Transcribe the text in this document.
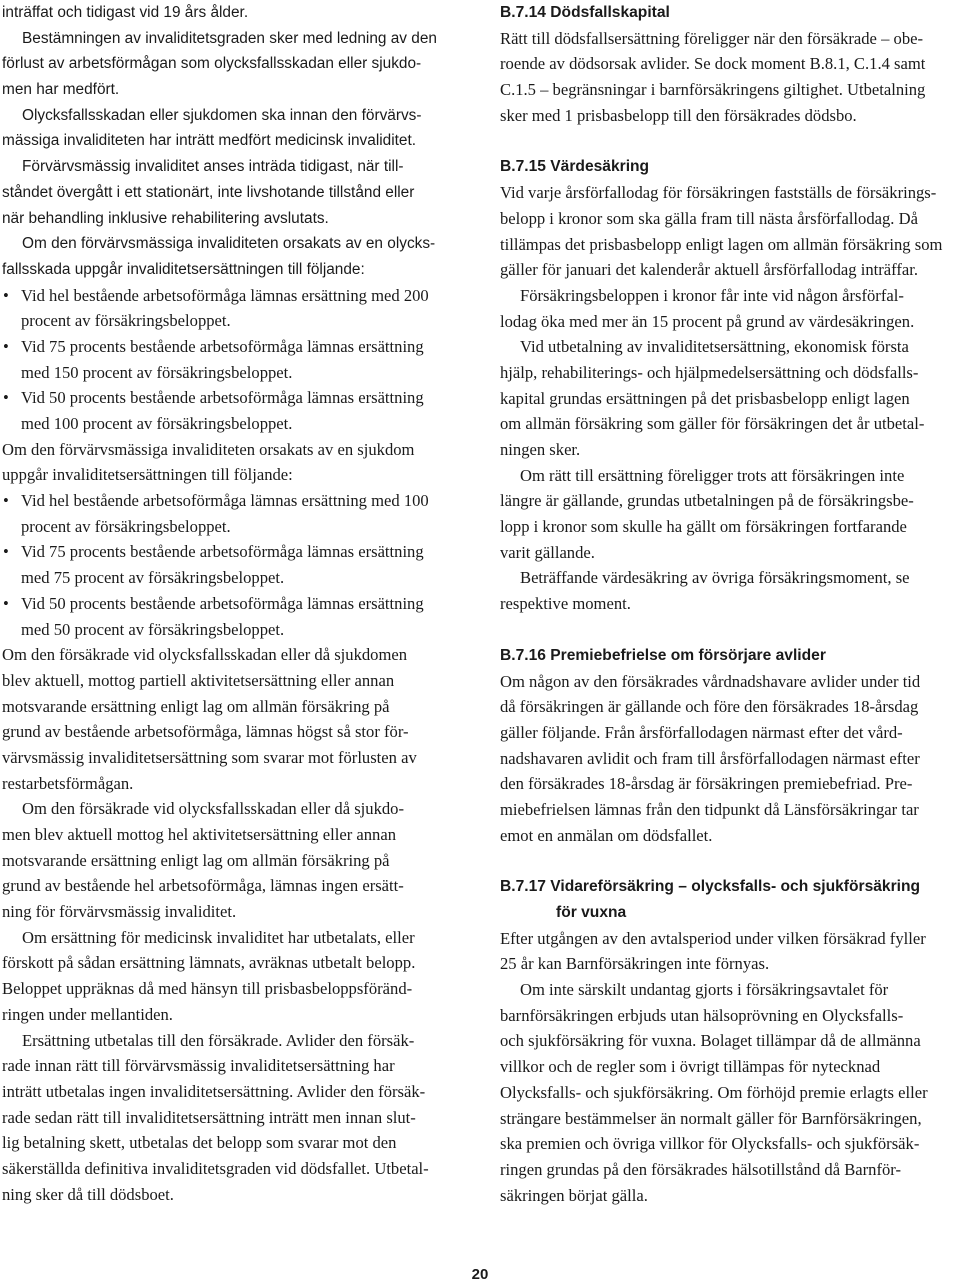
inträffat och tidigast vid 19 års ålder.
Bestämningen av invaliditetsgraden sker med ledning av den
förlust av arbetsförmågan som olycksfallsskadan eller sjukdo-
men har medfört.
Olycksfallsskadan eller sjukdomen ska innan den förvärvs-
mässiga invaliditeten har inträtt medfört medicinsk invaliditet.
Förvärvsmässig invaliditet anses inträda tidigast, när till-
ståndet övergått i ett stationärt, inte livshotande tillstånd eller
när behandling inklusive rehabilitering avslutats.
Om den förvärvsmässiga invaliditeten orsakats av en olycks-
fallsskada uppgår invaliditetsersättningen till följande:
• Vid hel bestående arbetsoförmåga lämnas ersättning med 200
procent av försäkringsbeloppet.
• Vid 75 procents bestående arbetsoförmåga lämnas ersättning
med 150 procent av försäkringsbeloppet.
• Vid 50 procents bestående arbetsoförmåga lämnas ersättning
med 100 procent av försäkringsbeloppet.
Om den förvärvsmässiga invaliditeten orsakats av en sjukdom
uppgår invaliditetsersättningen till följande:
• Vid hel bestående arbetsoförmåga lämnas ersättning med 100
procent av försäkringsbeloppet.
• Vid 75 procents bestående arbetsoförmåga lämnas ersättning
med 75 procent av försäkringsbeloppet.
• Vid 50 procents bestående arbetsoförmåga lämnas ersättning
med 50 procent av försäkringsbeloppet.
Om den försäkrade vid olycksfallsskadan eller då sjukdomen
blev aktuell, mottog partiell aktivitetsersättning eller annan
motsvarande ersättning enligt lag om allmän försäkring på
grund av bestående arbetsoförmåga, lämnas högst så stor för-
värvsmässig invaliditetsersättning som svarar mot förlusten av
restarbetsförmågan.
Om den försäkrade vid olycksfallsskadan eller då sjukdo-
men blev aktuell mottog hel aktivitetsersättning eller annan
motsvarande ersättning enligt lag om allmän försäkring på
grund av bestående hel arbetsoförmåga, lämnas ingen ersätt-
ning för förvärvsmässig invaliditet.
Om ersättning för medicinsk invaliditet har utbetalats, eller
förskott på sådan ersättning lämnats, avräknas utbetalt belopp.
Beloppet uppräknas då med hänsyn till prisbasbeloppsföränd-
ringen under mellantiden.
Ersättning utbetalas till den försäkrade. Avlider den försäk-
rade innan rätt till förvärvsmässig invaliditetsersättning har
inträtt utbetalas ingen invaliditetsersättning. Avlider den försäk-
rade sedan rätt till invaliditetsersättning inträtt men innan slut-
lig betalning skett, utbetalas det belopp som svarar mot den
säkerställda definitiva invaliditetsgraden vid dödsfallet. Utbetal-
ning sker då till dödsboet.
B.7.14 Dödsfallskapital
Rätt till dödsfallsersättning föreligger när den försäkrade – obe-
roende av dödsorsak avlider. Se dock moment B.8.1, C.1.4 samt
C.1.5 – begränsningar i barnförsäkringens giltighet. Utbetalning
sker med 1 prisbasbelopp till den försäkrades dödsbo.
B.7.15 Värdesäkring
Vid varje årsförfallodag för försäkringen fastställs de försäkrings-
belopp i kronor som ska gälla fram till nästa årsförfallodag. Då
tillämpas det prisbasbelopp enligt lagen om allmän försäkring som
gäller för januari det kalenderår aktuell årsförfallodag inträffar.
Försäkringsbeloppen i kronor får inte vid någon årsförfal-
lodag öka med mer än 15 procent på grund av värdesäkringen.
Vid utbetalning av invaliditetsersättning, ekonomisk första
hjälp, rehabiliterings- och hjälpmedelsersättning och dödsfalls-
kapital grundas ersättningen på det prisbasbelopp enligt lagen
om allmän försäkring som gäller för försäkringen det år utbetal-
ningen sker.
Om rätt till ersättning föreligger trots att försäkringen inte
längre är gällande, grundas utbetalningen på de försäkringsbe-
lopp i kronor som skulle ha gällt om försäkringen fortfarande
varit gällande.
Beträffande värdesäkring av övriga försäkringsmoment, se
respektive moment.
B.7.16 Premiebefrielse om försörjare avlider
Om någon av den försäkrades vårdnadshavare avlider under tid
då försäkringen är gällande och före den försäkrades 18-årsdag
gäller följande. Från årsförfallodagen närmast efter det vård-
nadshavaren avlidit och fram till årsförfallodagen närmast efter
den försäkrades 18-årsdag är försäkringen premiebefriad. Pre-
miebefrielsen lämnas från den tidpunkt då Länsförsäkringar tar
emot en anmälan om dödsfallet.
B.7.17 Vidareförsäkring – olycksfalls- och sjukförsäkring
för vuxna
Efter utgången av den avtalsperiod under vilken försäkrad fyller
25 år kan Barnförsäkringen inte förnyas.
Om inte särskilt undantag gjorts i försäkringsavtalet för
barnförsäkringen erbjuds utan hälsoprövning en Olycksfalls-
och sjukförsäkring för vuxna. Bolaget tillämpar då de allmänna
villkor och de regler som i övrigt tillämpas för nytecknad
Olycksfalls- och sjukförsäkring. Om förhöjd premie erlagts eller
strängare bestämmelser än normalt gäller för Barnförsäkringen,
ska premien och övriga villkor för Olycksfalls- och sjukförsäk-
ringen grundas på den försäkrades hälsotillstånd då Barnför-
säkringen börjat gälla.
20
